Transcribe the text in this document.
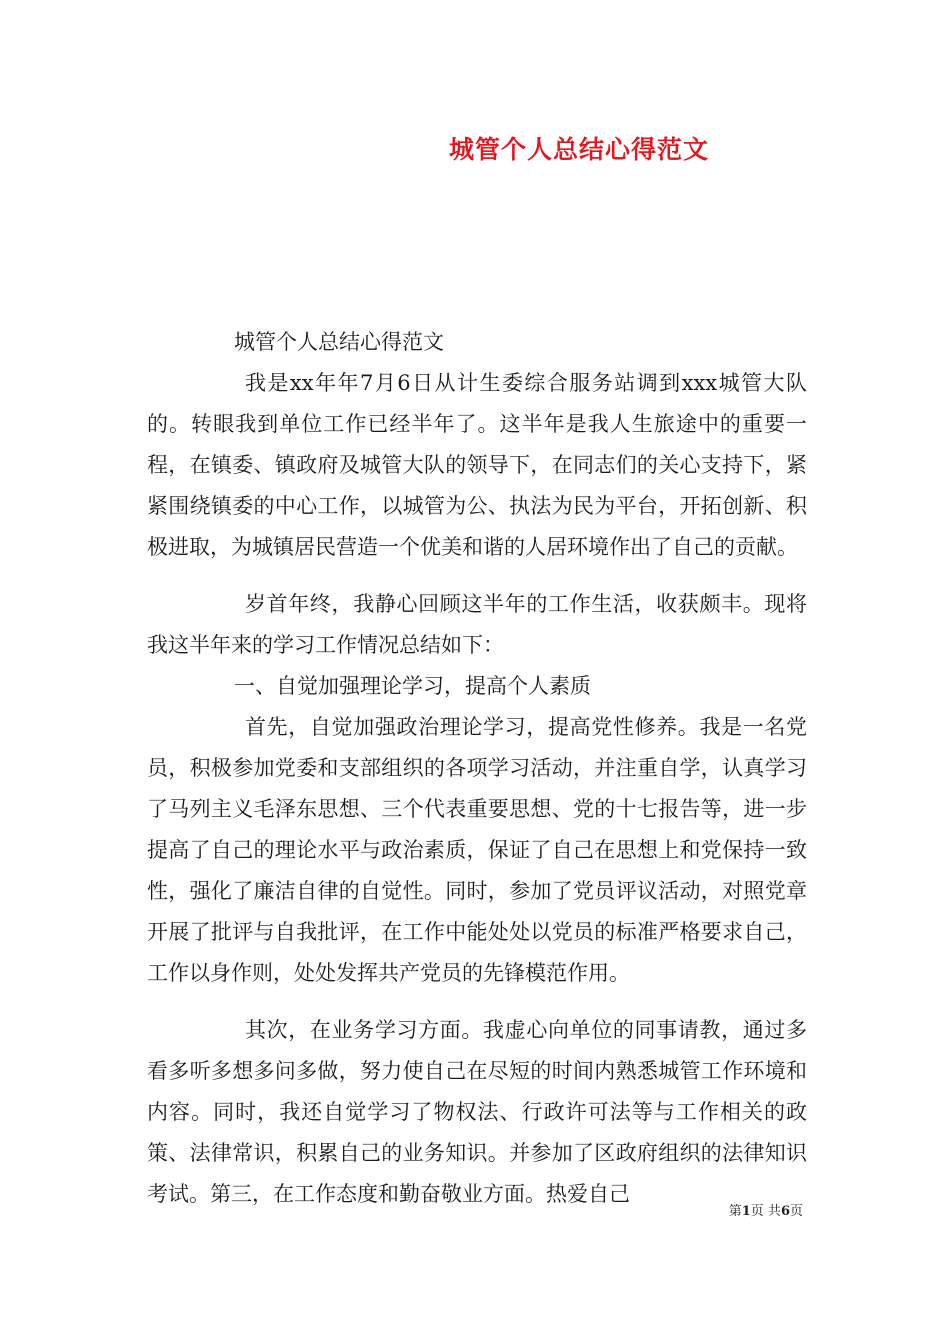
城管个人总结心得范文

城管个人总结心得范文

我是xx年年7月6日从计生委综合服务站调到xxx城管大队的。转眼我到单位工作已经半年了。这半年是我人生旅途中的重要一程，在镇委、镇政府及城管大队的领导下，在同志们的关心支持下，紧紧围绕镇委的中心工作，以城管为公、执法为民为平台，开拓创新、积极进取，为城镇居民营造一个优美和谐的人居环境作出了自己的贡献。

岁首年终，我静心回顾这半年的工作生活，收获颇丰。现将我这半年来的学习工作情况总结如下：

一、自觉加强理论学习，提高个人素质

首先，自觉加强政治理论学习，提高党性修养。我是一名党员，积极参加党委和支部组织的各项学习活动，并注重自学，认真学习了马列主义毛泽东思想、三个代表重要思想、党的十七报告等，进一步提高了自己的理论水平与政治素质，保证了自己在思想上和党保持一致性，强化了廉洁自律的自觉性。同时，参加了党员评议活动，对照党章开展了批评与自我批评，在工作中能处处以党员的标准严格要求自己，工作以身作则，处处发挥共产党员的先锋模范作用。

其次，在业务学习方面。我虚心向单位的同事请教，通过多看多听多想多问多做，努力使自己在尽短的时间内熟悉城管工作环境和内容。同时，我还自觉学习了物权法、行政许可法等与工作相关的政策、法律常识，积累自己的业务知识。并参加了区政府组织的法律知识考试。第三，在工作态度和勤奋敬业方面。热爱自己

第1页 共6页
